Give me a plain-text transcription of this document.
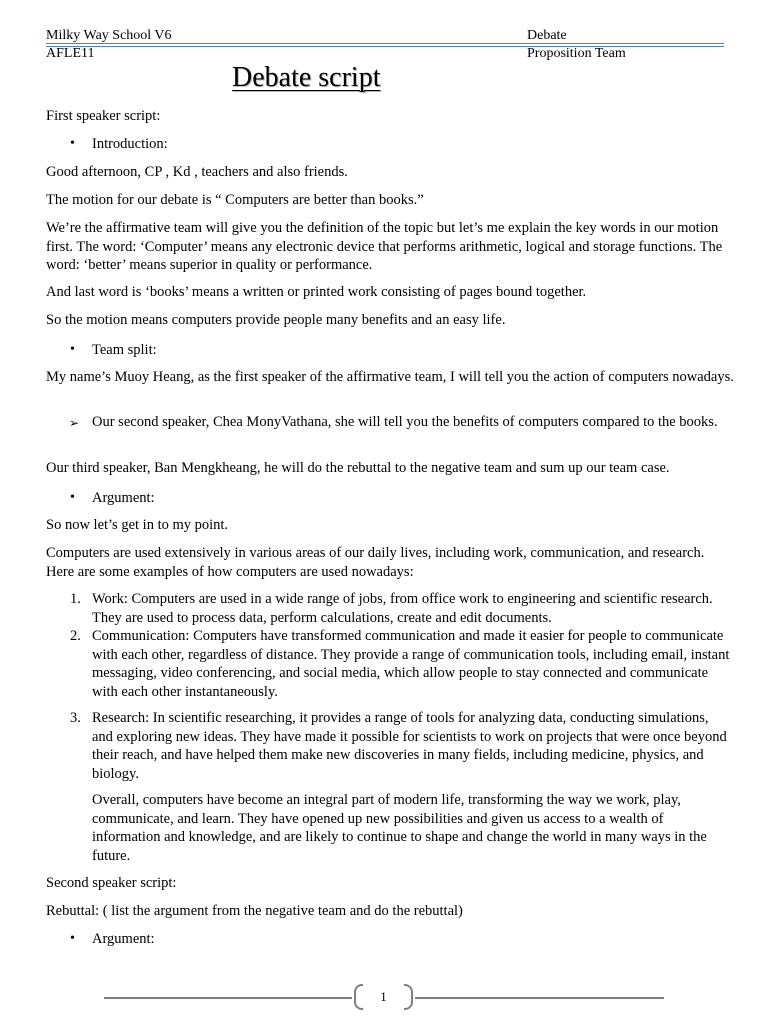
Milky Way School V6	Debate
AFLE11	Proposition Team
Debate script
First speaker script:
• Introduction:
Good afternoon, CP , Kd , teachers and also friends.
The motion for our debate is “ Computers are better than books.”
We’re the affirmative team will give you the definition of the topic but let’s me explain the key words in our motion first. The word: ‘Computer’ means any electronic device that performs arithmetic, logical and storage functions. The word: ‘better’ means superior in quality or performance.
And last word is ‘books’ means a written or printed work consisting of pages bound together.
So the motion means computers provide people many benefits and an easy life.
• Team split:
My name’s Muoy Heang, as the first speaker of the affirmative team, I will tell you the action of computers nowadays.
➢ Our second speaker, Chea MonyVathana, she will tell you the benefits of computers compared to the books.
Our third speaker, Ban Mengkheang, he will do the rebuttal to the negative team and sum up our team case.
• Argument:
So now let’s get in to my point.
Computers are used extensively in various areas of our daily lives, including work, communication, and research. Here are some examples of how computers are used nowadays:
1. Work: Computers are used in a wide range of jobs, from office work to engineering and scientific research. They are used to process data, perform calculations, create and edit documents.
2. Communication: Computers have transformed communication and made it easier for people to communicate with each other, regardless of distance. They provide a range of communication tools, including email, instant messaging, video conferencing, and social media, which allow people to stay connected and communicate with each other instantaneously.
3. Research: In scientific researching, it provides a range of tools for analyzing data, conducting simulations, and exploring new ideas. They have made it possible for scientists to work on projects that were once beyond their reach, and have helped them make new discoveries in many fields, including medicine, physics, and biology.
Overall, computers have become an integral part of modern life, transforming the way we work, play, communicate, and learn. They have opened up new possibilities and given us access to a wealth of information and knowledge, and are likely to continue to shape and change the world in many ways in the future.
Second speaker script:
Rebuttal: ( list the argument from the negative team and do the rebuttal)
• Argument:
1
